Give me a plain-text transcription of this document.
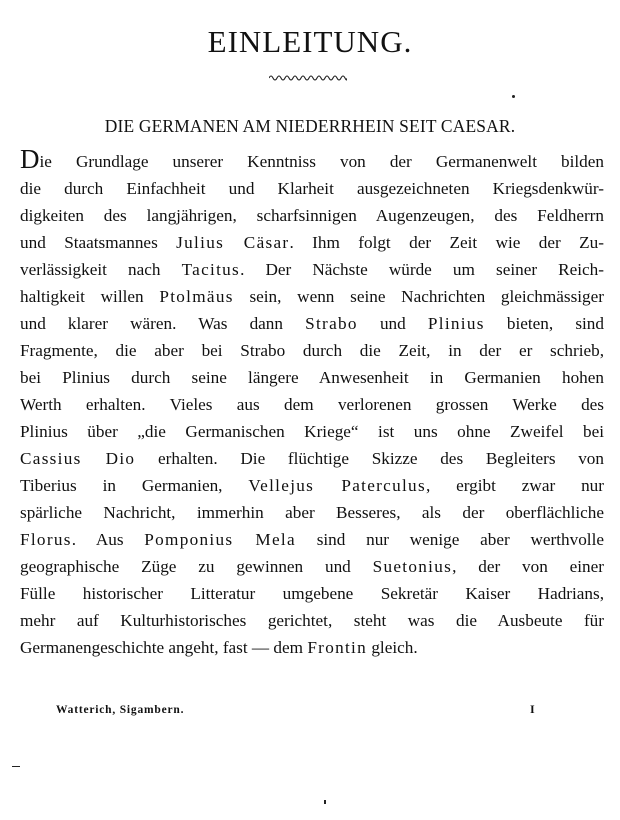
EINLEITUNG.
DIE GERMANEN AM NIEDERRHEIN SEIT CAESAR.
Die Grundlage unserer Kenntniss von der Germanenwelt bilden
die durch Einfachheit und Klarheit ausgezeichneten Kriegsdenkwür-
digkeiten des langjährigen, scharfsinnigen Augenzeugen, des Feldherrn
und Staatsmannes Julius Cäsar. Ihm folgt der Zeit wie der Zu-
verlässigkeit nach Tacitus. Der Nächste würde um seiner Reich-
haltigkeit willen Ptolmäus sein, wenn seine Nachrichten gleichmässiger
und klarer wären. Was dann Strabo und Plinius bieten, sind
Fragmente, die aber bei Strabo durch die Zeit, in der er schrieb,
bei Plinius durch seine längere Anwesenheit in Germanien hohen
Werth erhalten. Vieles aus dem verlorenen grossen Werke des
Plinius über „die Germanischen Kriege“ ist uns ohne Zweifel bei
Cassius Dio erhalten. Die flüchtige Skizze des Begleiters von
Tiberius in Germanien, Vellejus Paterculus, ergibt zwar nur
spärliche Nachricht, immerhin aber Besseres, als der oberflächliche
Florus. Aus Pomponius Mela sind nur wenige aber werthvolle
geographische Züge zu gewinnen und Suetonius, der von einer
Fülle historischer Litteratur umgebene Sekretär Kaiser Hadrians,
mehr auf Kulturhistorisches gerichtet, steht was die Ausbeute für
Germanengeschichte angeht, fast — dem Frontin gleich.
Watterich, Sigambern.	I
